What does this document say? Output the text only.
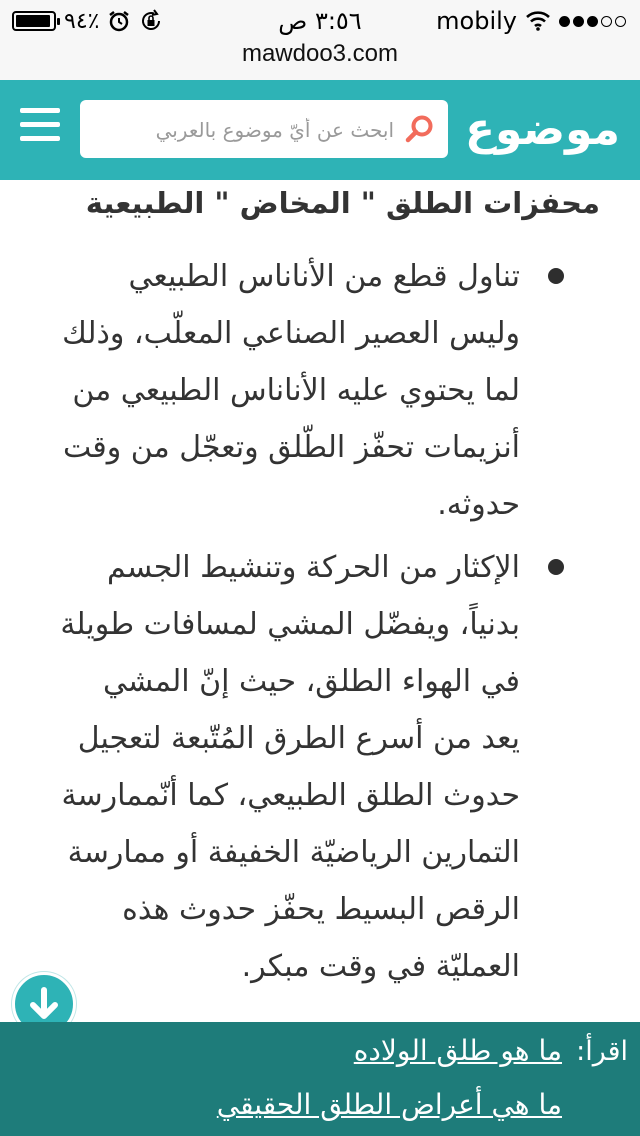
٩٤٪	٣:٥٦ ص	mobily
mawdoo3.com
موضوع
ابحث عن أيّ موضوع بالعربي
محفزات الطلق " المخاض " الطبيعية
تناول قطع من الأناناس الطبيعي وليس العصير الصناعي المعلّب، وذلك لما يحتوي عليه الأناناس الطبيعي من أنزيمات تحفّز الطّلق وتعجّل من وقت حدوثه.
الإكثار من الحركة وتنشيط الجسم بدنياً، ويفضّل المشي لمسافات طويلة في الهواء الطلق، حيث إنّ المشي يعد من أسرع الطرق المُتّبعة لتعجيل حدوث الطلق الطبيعي، كما أنّممارسة التمارين الرياضيّة الخفيفة أو ممارسة الرقص البسيط يحفّز حدوث هذه العمليّة في وقت مبكر.
اقرأ:
ما هو طلق الولاده
ما هي أعراض الطلق الحقيقي
